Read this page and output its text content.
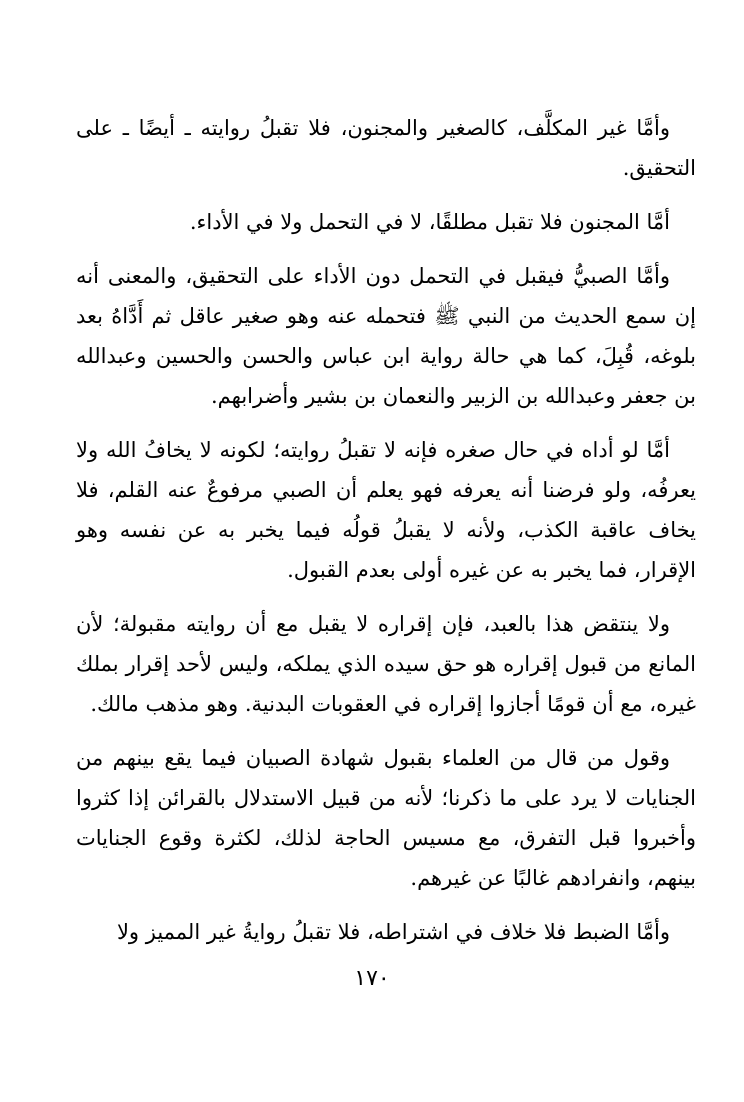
وأمَّا غير المكلَّف، كالصغير والمجنون، فلا تقبلُ روايته ـ أيضًا ـ على التحقيق.

أمَّا المجنون فلا تقبل مطلقًا، لا في التحمل ولا في الأداء.

وأمَّا الصبيُّ فيقبل في التحمل دون الأداء على التحقيق، والمعنى أنه إن سمع الحديث من النبي ﷺ فتحمله عنه وهو صغير عاقل ثم أَدَّاهُ بعد بلوغه، قُبِلَ، كما هي حالة رواية ابن عباس والحسن والحسين وعبدالله بن جعفر وعبدالله بن الزبير والنعمان بن بشير وأضرابهم.

أمَّا لو أداه في حال صغره فإنه لا تقبلُ روايته؛ لكونه لا يخافُ الله ولا يعرفُه، ولو فرضنا أنه يعرفه فهو يعلم أن الصبي مرفوعٌ عنه القلم، فلا يخاف عاقبة الكذب، ولأنه لا يقبلُ قولُه فيما يخبر به عن نفسه وهو الإقرار، فما يخبر به عن غيره أولى بعدم القبول.

ولا ينتقض هذا بالعبد، فإن إقراره لا يقبل مع أن روايته مقبولة؛ لأن المانع من قبول إقراره هو حق سيده الذي يملكه، وليس لأحد إقرار بملك غيره، مع أن قومًا أجازوا إقراره في العقوبات البدنية. وهو مذهب مالك.

وقول من قال من العلماء بقبول شهادة الصبيان فيما يقع بينهم من الجنايات لا يرد على ما ذكرنا؛ لأنه من قبيل الاستدلال بالقرائن إذا كثروا وأخبروا قبل التفرق، مع مسيس الحاجة لذلك، لكثرة وقوع الجنايات بينهم، وانفرادهم غالبًا عن غيرهم.

وأمَّا الضبط فلا خلاف في اشتراطه، فلا تقبلُ روايةُ غير المميز ولا

١٧٠
